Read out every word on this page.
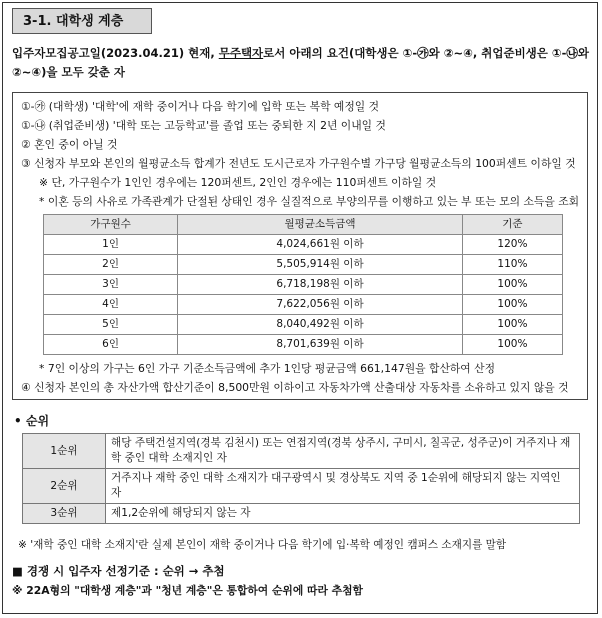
3-1. 대학생 계층
입주자모집공고일(2023.04.21) 현재, 무주택자로서 아래의 요건(대학생은 ①-㉮와 ②~④, 취업준비생은 ①-㉯와
②~④)을 모두 갖춘 자
①-㉮ (대학생) '대학'에 재학 중이거나 다음 학기에 입학 또는 복학 예정일 것
①-㉯ (취업준비생) '대학 또는 고등학교'를 졸업 또는 중퇴한 지 2년 이내일 것
② 혼인 중이 아닐 것
③ 신청자 부모와 본인의 월평균소득 합계가 전년도 도시근로자 가구원수별 가구당 월평균소득의 100퍼센트 이하일 것
※ 단, 가구원수가 1인인 경우에는 120퍼센트, 2인인 경우에는 110퍼센트 이하일 것
* 이혼 등의 사유로 가족관계가 단절된 상태인 경우 실질적으로 부양의무를 이행하고 있는 부 또는 모의 소득을 조회
가구원수	월평균소득금액	기준
1인	4,024,661원 이하	120%
2인	5,505,914원 이하	110%
3인	6,718,198원 이하	100%
4인	7,622,056원 이하	100%
5인	8,040,492원 이하	100%
6인	8,701,639원 이하	100%
* 7인 이상의 가구는 6인 가구 기준소득금액에 추가 1인당 평균금액 661,147원을 합산하여 산정
④ 신청자 본인의 총 자산가액 합산기준이 8,500만원 이하이고 자동차가액 산출대상 자동차를 소유하고 있지 않을 것
• 순위
1순위	해당 주택건설지역(경북 김천시) 또는 연접지역(경북 상주시, 구미시, 칠곡군, 성주군)이 거주지나 재학 중인 대학 소재지인 자
2순위	거주지나 재학 중인 대학 소재지가 대구광역시 및 경상북도 지역 중 1순위에 해당되지 않는 지역인 자
3순위	제1,2순위에 해당되지 않는 자
※ '재학 중인 대학 소재지'란 실제 본인이 재학 중이거나 다음 학기에 입·복학 예정인 캠퍼스 소재지를 말함
■ 경쟁 시 입주자 선정기준 : 순위 → 추첨
※ 22A형의 "대학생 계층"과 "청년 계층"은 통합하여 순위에 따라 추첨함
